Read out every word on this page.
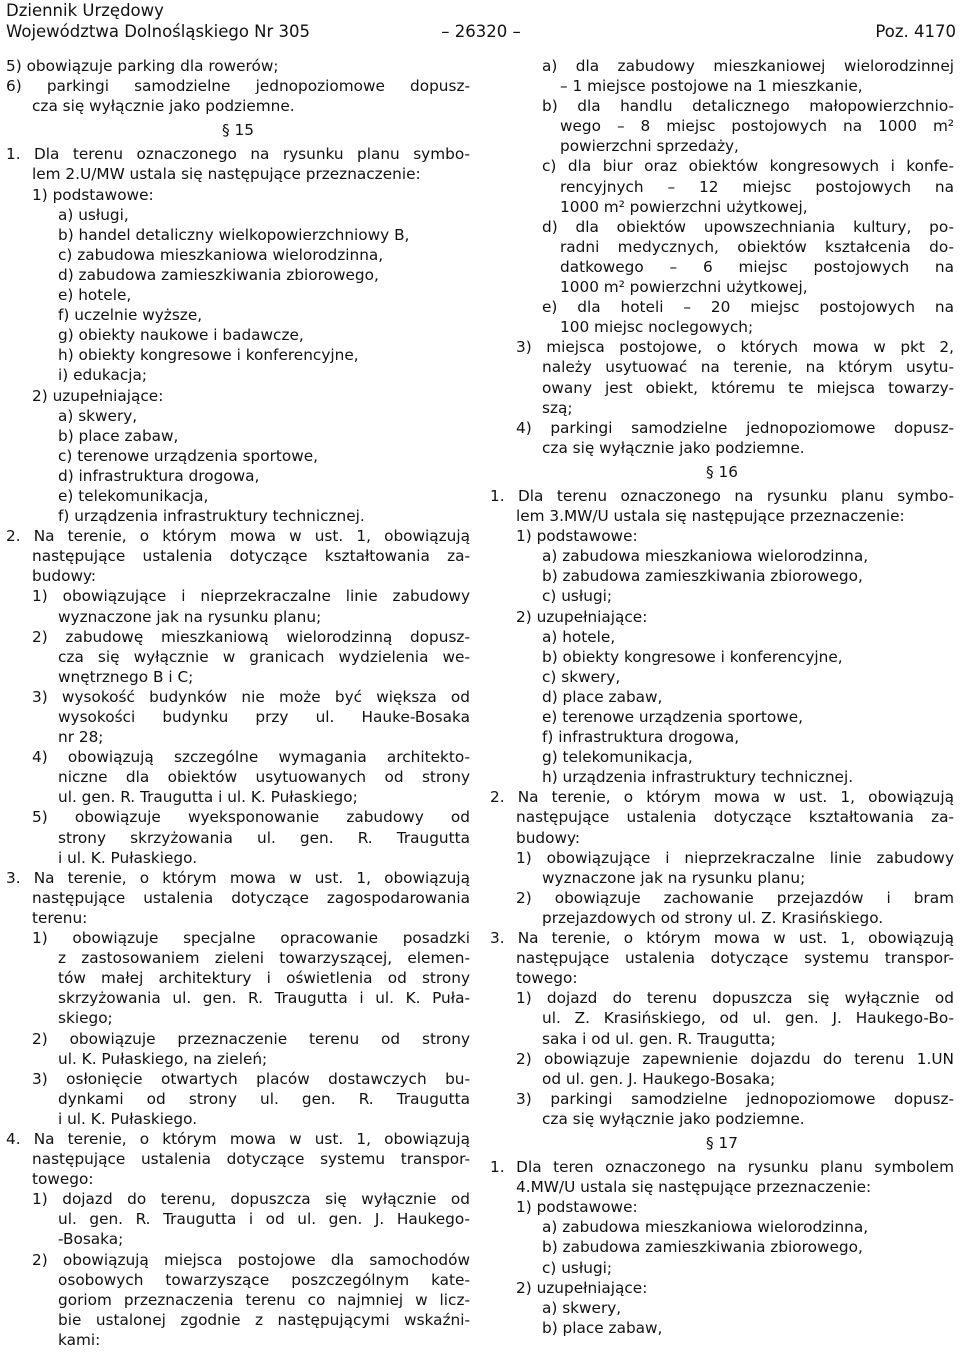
Dziennik Urzędowy
Województwa Dolnośląskiego Nr 305	– 26320 –	Poz. 4170
5) obowiązuje parking dla rowerów;
6) parkingi samodzielne jednopoziomowe dopusz-
cza się wyłącznie jako podziemne.
§ 15
1. Dla terenu oznaczonego na rysunku planu symbo-
lem 2.U/MW ustala się następujące przeznaczenie:
1) podstawowe:
a) usługi,
b) handel detaliczny wielkopowierzchniowy B,
c) zabudowa mieszkaniowa wielorodzinna,
d) zabudowa zamieszkiwania zbiorowego,
e) hotele,
f) uczelnie wyższe,
g) obiekty naukowe i badawcze,
h) obiekty kongresowe i konferencyjne,
i) edukacja;
2) uzupełniające:
a) skwery,
b) place zabaw,
c) terenowe urządzenia sportowe,
d) infrastruktura drogowa,
e) telekomunikacja,
f) urządzenia infrastruktury technicznej.
2. Na terenie, o którym mowa w ust. 1, obowiązują
następujące ustalenia dotyczące kształtowania za-
budowy:
1) obowiązujące i nieprzekraczalne linie zabudowy
wyznaczone jak na rysunku planu;
2) zabudowę mieszkaniową wielorodzinną dopusz-
cza się wyłącznie w granicach wydzielenia we-
wnętrznego B i C;
3) wysokość budynków nie może być większa od
wysokości budynku przy ul. Hauke-Bosaka
nr 28;
4) obowiązują szczególne wymagania architekto-
niczne dla obiektów usytuowanych od strony
ul. gen. R. Traugutta i ul. K. Pułaskiego;
5) obowiązuje wyeksponowanie zabudowy od
strony skrzyżowania ul. gen. R. Traugutta
i ul. K. Pułaskiego.
3. Na terenie, o którym mowa w ust. 1, obowiązują
następujące ustalenia dotyczące zagospodarowania
terenu:
1) obowiązuje specjalne opracowanie posadzki
z zastosowaniem zieleni towarzyszącej, elemen-
tów małej architektury i oświetlenia od strony
skrzyżowania ul. gen. R. Traugutta i ul. K. Puła-
skiego;
2) obowiązuje przeznaczenie terenu od strony
ul. K. Pułaskiego, na zieleń;
3) osłonięcie otwartych placów dostawczych bu-
dynkami od strony ul. gen. R. Traugutta
i ul. K. Pułaskiego.
4. Na terenie, o którym mowa w ust. 1, obowiązują
następujące ustalenia dotyczące systemu transpor-
towego:
1) dojazd do terenu, dopuszcza się wyłącznie od
ul. gen. R. Traugutta i od ul. gen. J. Haukego-
-Bosaka;
2) obowiązują miejsca postojowe dla samochodów
osobowych towarzyszące poszczególnym kate-
goriom przeznaczenia terenu co najmniej w licz-
bie ustalonej zgodnie z następującymi wskaźni-
kami:
a) dla zabudowy mieszkaniowej wielorodzinnej
– 1 miejsce postojowe na 1 mieszkanie,
b) dla handlu detalicznego małopowierzchnio-
wego – 8 miejsc postojowych na 1000 m²
powierzchni sprzedaży,
c) dla biur oraz obiektów kongresowych i konfe-
rencyjnych – 12 miejsc postojowych na
1000 m² powierzchni użytkowej,
d) dla obiektów upowszechniania kultury, po-
radni medycznych, obiektów kształcenia do-
datkowego – 6 miejsc postojowych na
1000 m² powierzchni użytkowej,
e) dla hoteli – 20 miejsc postojowych na
100 miejsc noclegowych;
3) miejsca postojowe, o których mowa w pkt 2,
należy usytuować na terenie, na którym usytu-
owany jest obiekt, któremu te miejsca towarzy-
szą;
4) parkingi samodzielne jednopoziomowe dopusz-
cza się wyłącznie jako podziemne.
§ 16
1. Dla terenu oznaczonego na rysunku planu symbo-
lem 3.MW/U ustala się następujące przeznaczenie:
1) podstawowe:
a) zabudowa mieszkaniowa wielorodzinna,
b) zabudowa zamieszkiwania zbiorowego,
c) usługi;
2) uzupełniające:
a) hotele,
b) obiekty kongresowe i konferencyjne,
c) skwery,
d) place zabaw,
e) terenowe urządzenia sportowe,
f) infrastruktura drogowa,
g) telekomunikacja,
h) urządzenia infrastruktury technicznej.
2. Na terenie, o którym mowa w ust. 1, obowiązują
następujące ustalenia dotyczące kształtowania za-
budowy:
1) obowiązujące i nieprzekraczalne linie zabudowy
wyznaczone jak na rysunku planu;
2) obowiązuje zachowanie przejazdów i bram
przejazdowych od strony ul. Z. Krasińskiego.
3. Na terenie, o którym mowa w ust. 1, obowiązują
następujące ustalenia dotyczące systemu transpor-
towego:
1) dojazd do terenu dopuszcza się wyłącznie od
ul. Z. Krasińskiego, od ul. gen. J. Haukego-Bo-
saka i od ul. gen. R. Traugutta;
2) obowiązuje zapewnienie dojazdu do terenu 1.UN
od ul. gen. J. Haukego-Bosaka;
3) parkingi samodzielne jednopoziomowe dopusz-
cza się wyłącznie jako podziemne.
§ 17
1. Dla teren oznaczonego na rysunku planu symbolem
4.MW/U ustala się następujące przeznaczenie:
1) podstawowe:
a) zabudowa mieszkaniowa wielorodzinna,
b) zabudowa zamieszkiwania zbiorowego,
c) usługi;
2) uzupełniające:
a) skwery,
b) place zabaw,
